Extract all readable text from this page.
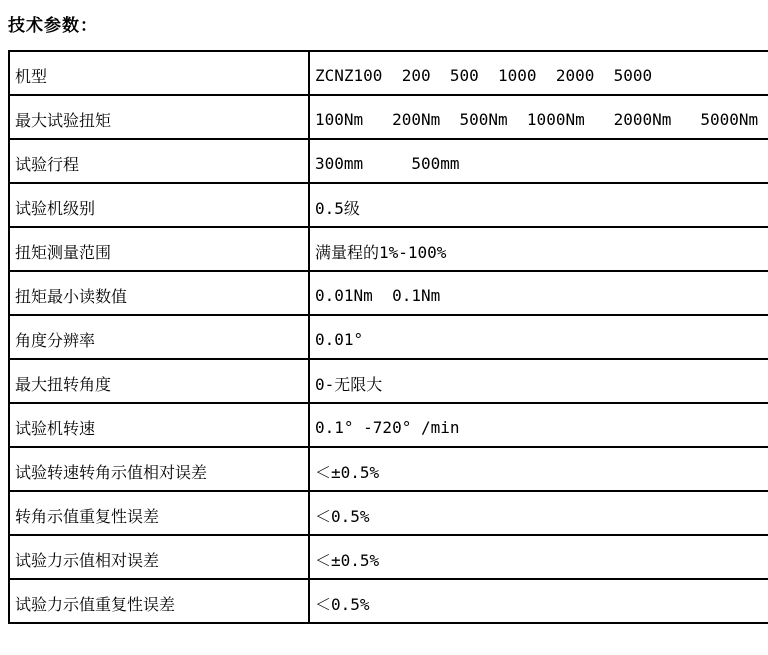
技术参数：
机型	ZCNZ100  200  500  1000  2000  5000
最大试验扭矩	100Nm   200Nm  500Nm  1000Nm   2000Nm   5000Nm
试验行程	300mm     500mm
试验机级别	0.5级
扭矩测量范围	满量程的1%-100%
扭矩最小读数值	0.01Nm  0.1Nm
角度分辨率	0.01°
最大扭转角度	0-无限大
试验机转速	0.1° -720° /min
试验转速转角示值相对误差	＜±0.5%
转角示值重复性误差	＜0.5%
试验力示值相对误差	＜±0.5%
试验力示值重复性误差	＜0.5%
